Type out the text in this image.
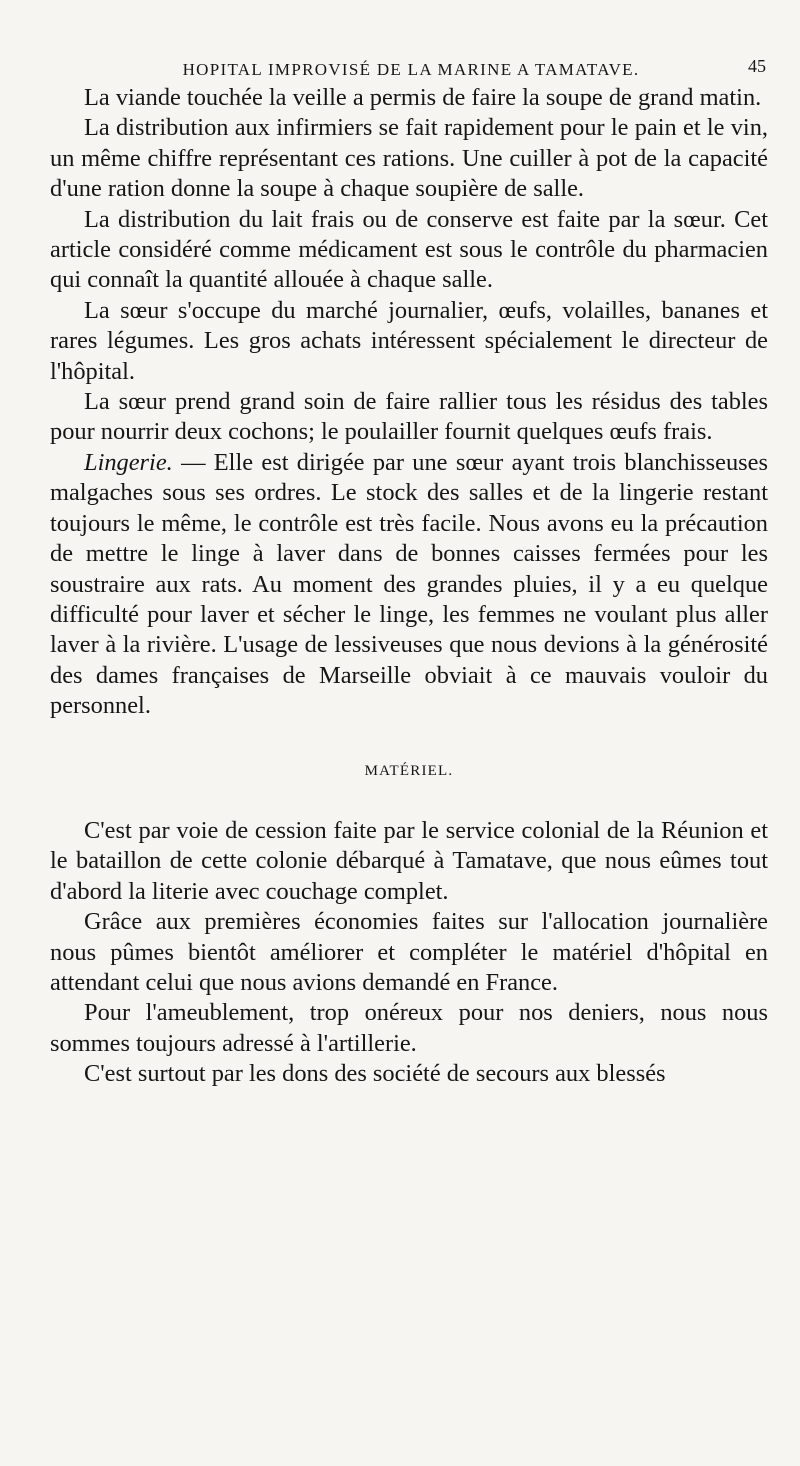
HOPITAL IMPROVISÉ DE LA MARINE A TAMATAVE.	45

La viande touchée la veille a permis de faire la soupe de grand matin.

La distribution aux infirmiers se fait rapidement pour le pain et le vin, un même chiffre représentant ces rations. Une cuiller à pot de la capacité d'une ration donne la soupe à chaque soupière de salle.

La distribution du lait frais ou de conserve est faite par la sœur. Cet article considéré comme médicament est sous le contrôle du pharmacien qui connaît la quantité allouée à chaque salle.

La sœur s'occupe du marché journalier, œufs, volailles, bananes et rares légumes. Les gros achats intéressent spécialement le directeur de l'hôpital.

La sœur prend grand soin de faire rallier tous les résidus des tables pour nourrir deux cochons; le poulailler fournit quelques œufs frais.

Lingerie. — Elle est dirigée par une sœur ayant trois blanchisseuses malgaches sous ses ordres. Le stock des salles et de la lingerie restant toujours le même, le contrôle est très facile. Nous avons eu la précaution de mettre le linge à laver dans de bonnes caisses fermées pour les soustraire aux rats. Au moment des grandes pluies, il y a eu quelque difficulté pour laver et sécher le linge, les femmes ne voulant plus aller laver à la rivière. L'usage de lessiveuses que nous devions à la générosité des dames françaises de Marseille obviait à ce mauvais vouloir du personnel.

MATÉRIEL.

C'est par voie de cession faite par le service colonial de la Réunion et le bataillon de cette colonie débarqué à Tamatave, que nous eûmes tout d'abord la literie avec couchage complet.

Grâce aux premières économies faites sur l'allocation journalière nous pûmes bientôt améliorer et compléter le matériel d'hôpital en attendant celui que nous avions demandé en France.

Pour l'ameublement, trop onéreux pour nos deniers, nous nous sommes toujours adressé à l'artillerie.

C'est surtout par les dons des société de secours aux blessés
